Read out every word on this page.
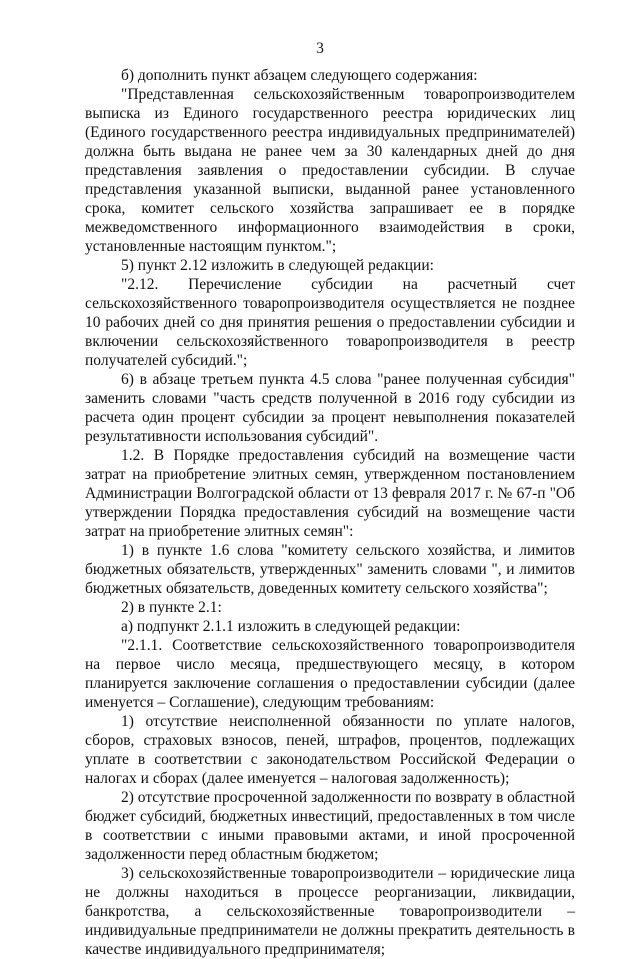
3

б) дополнить пункт абзацем следующего содержания:

"Представленная сельскохозяйственным товаропроизводителем выписка из Единого государственного реестра юридических лиц (Единого государственного реестра индивидуальных предпринимателей) должна быть выдана не ранее чем за 30 календарных дней до дня представления заявления о предоставлении субсидии. В случае представления указанной выписки, выданной ранее установленного срока, комитет сельского хозяйства запрашивает ее в порядке межведомственного информационного взаимодействия в сроки, установленные настоящим пунктом.";

5) пункт 2.12 изложить в следующей редакции:

"2.12. Перечисление субсидии на расчетный счет сельскохозяйственного товаропроизводителя осуществляется не позднее 10 рабочих дней со дня принятия решения о предоставлении субсидии и включении сельскохозяйственного товаропроизводителя в реестр получателей субсидий.";

6) в абзаце третьем пункта 4.5 слова "ранее полученная субсидия" заменить словами "часть средств полученной в 2016 году субсидии из расчета один процент субсидии за процент невыполнения показателей результативности использования субсидий".

1.2. В Порядке предоставления субсидий на возмещение части затрат на приобретение элитных семян, утвержденном постановлением Администрации Волгоградской области от 13 февраля 2017 г. № 67-п "Об утверждении Порядка предоставления субсидий на возмещение части затрат на приобретение элитных семян":

1) в пункте 1.6 слова "комитету сельского хозяйства, и лимитов бюджетных обязательств, утвержденных" заменить словами ", и лимитов бюджетных обязательств, доведенных комитету сельского хозяйства";

2) в пункте 2.1:

а) подпункт 2.1.1 изложить в следующей редакции:

"2.1.1. Соответствие сельскохозяйственного товаропроизводителя на первое число месяца, предшествующего месяцу, в котором планируется заключение соглашения о предоставлении субсидии (далее именуется – Соглашение), следующим требованиям:

1) отсутствие неисполненной обязанности по уплате налогов, сборов, страховых взносов, пеней, штрафов, процентов, подлежащих уплате в соответствии с законодательством Российской Федерации о налогах и сборах (далее именуется – налоговая задолженность);

2) отсутствие просроченной задолженности по возврату в областной бюджет субсидий, бюджетных инвестиций, предоставленных в том числе в соответствии с иными правовыми актами, и иной просроченной задолженности перед областным бюджетом;

3) сельскохозяйственные товаропроизводители – юридические лица не должны находиться в процессе реорганизации, ликвидации, банкротства, а сельскохозяйственные товаропроизводители – индивидуальные предприниматели не должны прекратить деятельность в качестве индивидуального предпринимателя;
